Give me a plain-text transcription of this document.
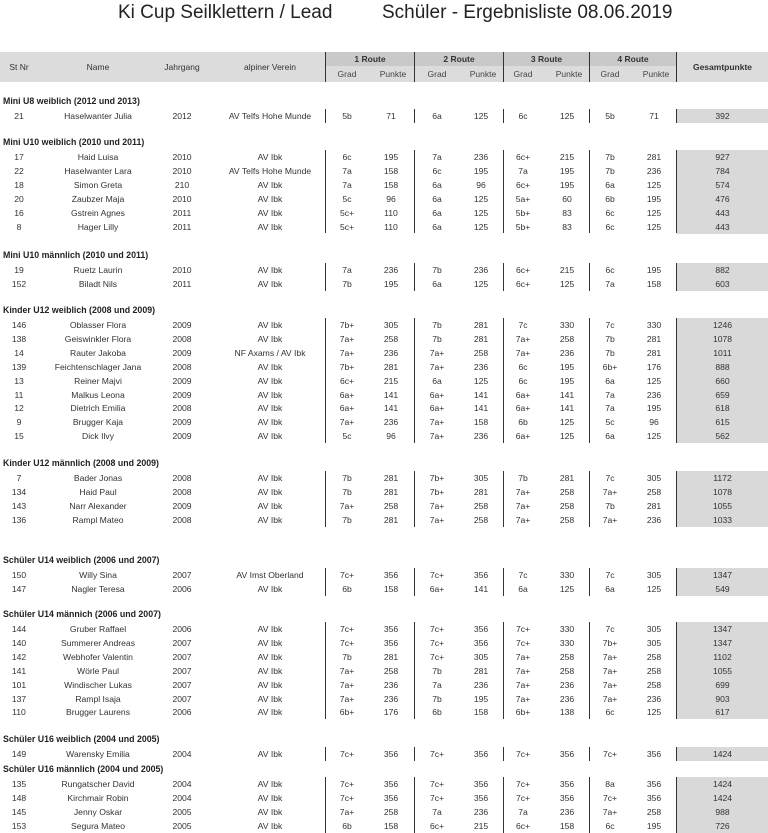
Ki Cup Seilklettern / Lead	Schüler - Ergebnisliste 08.06.2019
St Nr	Name	Jahrgang	alpiner Verein	Gesamtpunkte
1 Route	2 Route	3 Route	4 Route
Grad	Punkte	Grad	Punkte	Grad	Punkte	Grad	Punkte
Mini U8 weiblich (2012 und 2013)
21	Haselwanter Julia	2012	AV Telfs Hohe Munde	5b	71	6a	125	6c	125	5b	71	392
Mini U10 weiblich (2010 und 2011)
17	Haid Luisa	2010	AV Ibk	6c	195	7a	236	6c+	215	7b	281	927
22	Haselwanter Lara	2010	AV Telfs Hohe Munde	7a	158	6c	195	7a	195	7b	236	784
18	Simon Greta	210	AV Ibk	7a	158	6a	96	6c+	195	6a	125	574
20	Zaubzer Maja	2010	AV Ibk	5c	96	6a	125	5a+	60	6b	195	476
16	Gstrein Agnes	2011	AV Ibk	5c+	110	6a	125	5b+	83	6c	125	443
8	Hager Lilly	2011	AV Ibk	5c+	110	6a	125	5b+	83	6c	125	443
Mini U10 männlich (2010 und 2011)
19	Ruetz Laurin	2010	AV Ibk	7a	236	7b	236	6c+	215	6c	195	882
152	Biladt Nils	2011	AV Ibk	7b	195	6a	125	6c+	125	7a	158	603
Kinder U12 weiblich (2008 und 2009)
146	Oblasser Flora	2009	AV Ibk	7b+	305	7b	281	7c	330	7c	330	1246
138	Geiswinkler Flora	2008	AV Ibk	7a+	258	7b	281	7a+	258	7b	281	1078
14	Rauter Jakoba	2009	NF Axams / AV Ibk	7a+	236	7a+	258	7a+	236	7b	281	1011
139	Feichtenschlager Jana	2008	AV Ibk	7b+	281	7a+	236	6c	195	6b+	176	888
13	Reiner Majvi	2009	AV Ibk	6c+	215	6a	125	6c	195	6a	125	660
11	Malkus Leona	2009	AV Ibk	6a+	141	6a+	141	6a+	141	7a	236	659
12	Dietrich Emilia	2008	AV Ibk	6a+	141	6a+	141	6a+	141	7a	195	618
9	Brugger Kaja	2009	AV Ibk	7a+	236	7a+	158	6b	125	5c	96	615
15	Dick Ilvy	2009	AV Ibk	5c	96	7a+	236	6a+	125	6a	125	562
Kinder U12 männlich (2008 und 2009)
7	Bader Jonas	2008	AV Ibk	7b	281	7b+	305	7b	281	7c	305	1172
134	Haid Paul	2008	AV Ibk	7b	281	7b+	281	7a+	258	7a+	258	1078
143	Narr Alexander	2009	AV Ibk	7a+	258	7a+	258	7a+	258	7b	281	1055
136	Rampl Mateo	2008	AV Ibk	7b	281	7a+	258	7a+	258	7a+	236	1033
Schüler U14 weiblich (2006 und 2007)
150	Willy Sina	2007	AV Imst Oberland	7c+	356	7c+	356	7c	330	7c	305	1347
147	Nagler Teresa	2006	AV Ibk	6b	158	6a+	141	6a	125	6a	125	549
Schüler U14 männich (2006 und 2007)
144	Gruber Raffael	2006	AV Ibk	7c+	356	7c+	356	7c+	330	7c	305	1347
140	Summerer Andreas	2007	AV Ibk	7c+	356	7c+	356	7c+	330	7b+	305	1347
142	Webhofer Valentin	2007	AV Ibk	7b	281	7c+	305	7a+	258	7a+	258	1102
141	Wörle Paul	2007	AV Ibk	7a+	258	7b	281	7a+	258	7a+	258	1055
101	Windischer Lukas	2007	AV Ibk	7a+	236	7a	236	7a+	236	7a+	258	699
137	Rampl Isaja	2007	AV Ibk	7a+	236	7b	195	7a+	236	7a+	236	903
110	Brugger Laurens	2006	AV Ibk	6b+	176	6b	158	6b+	138	6c	125	617
Schüler U16 weiblich (2004 und 2005)
149	Warensky Emilia	2004	AV Ibk	7c+	356	7c+	356	7c+	356	7c+	356	1424
Schüler U16 männlich (2004 und 2005)
135	Rungatscher David	2004	AV Ibk	7c+	356	7c+	356	7c+	356	8a	356	1424
148	Kirchmair Robin	2004	AV Ibk	7c+	356	7c+	356	7c+	356	7c+	356	1424
145	Jenny Oskar	2005	AV Ibk	7a+	258	7a	236	7a	236	7a+	258	988
153	Segura Mateo	2005	AV Ibk	6b	158	6c+	215	6c+	158	6c	195	726
